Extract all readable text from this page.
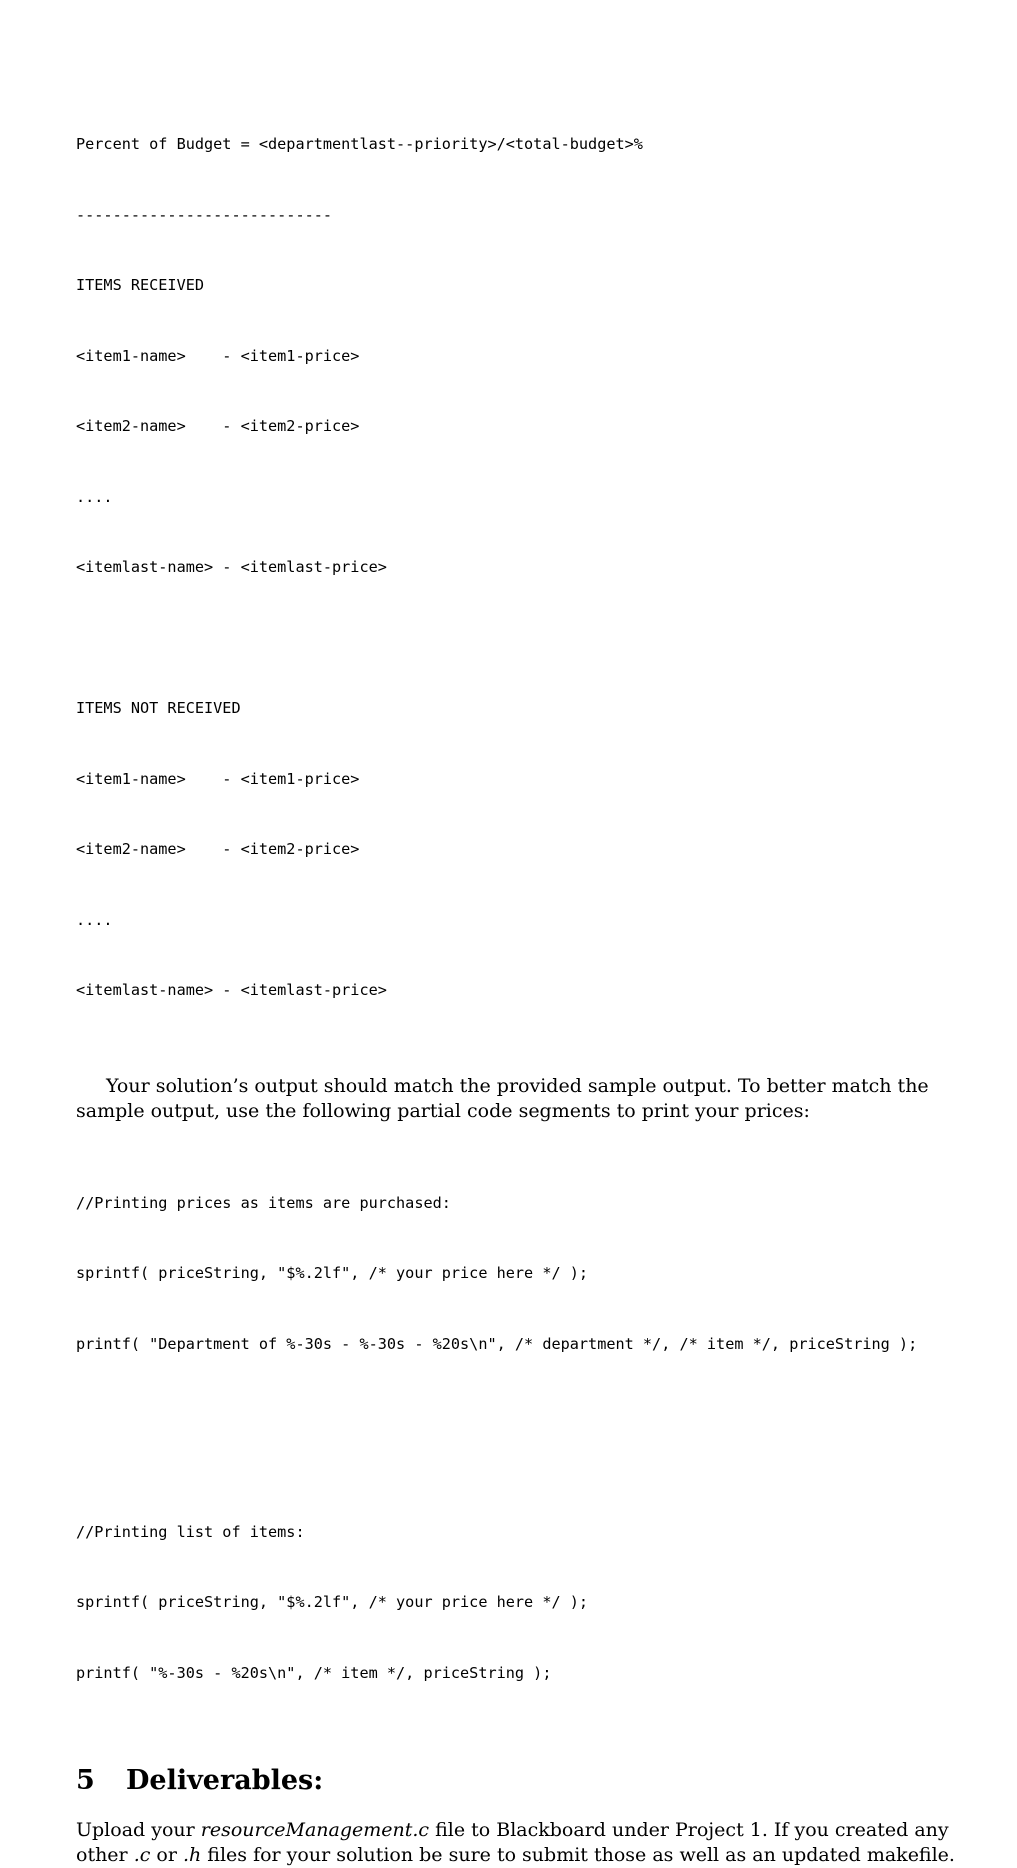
Percent of Budget = <departmentlast--priority>/<total-budget>%

----------------------------

ITEMS RECEIVED

<item1-name>    - <item1-price>

<item2-name>    - <item2-price>

....

<itemlast-name> - <itemlast-price>

ITEMS NOT RECEIVED

<item1-name>    - <item1-price>

<item2-name>    - <item2-price>

....

<itemlast-name> - <itemlast-price>

Your solution’s output should match the provided sample output. To better match the sample output, use the following partial code segments to print your prices:

//Printing prices as items are purchased:

sprintf( priceString, "$%.2lf", /* your price here */ );

printf( "Department of %-30s - %-30s - %20s\n", /* department */, /* item */, priceString );

//Printing list of items:

sprintf( priceString, "$%.2lf", /* your price here */ );

printf( "%-30s - %20s\n", /* item */, priceString );

5	Deliverables:

Upload your resourceManagement.c file to Blackboard under Project 1. If you created any other .c or .h files for your solution be sure to submit those as well as an updated makefile.
